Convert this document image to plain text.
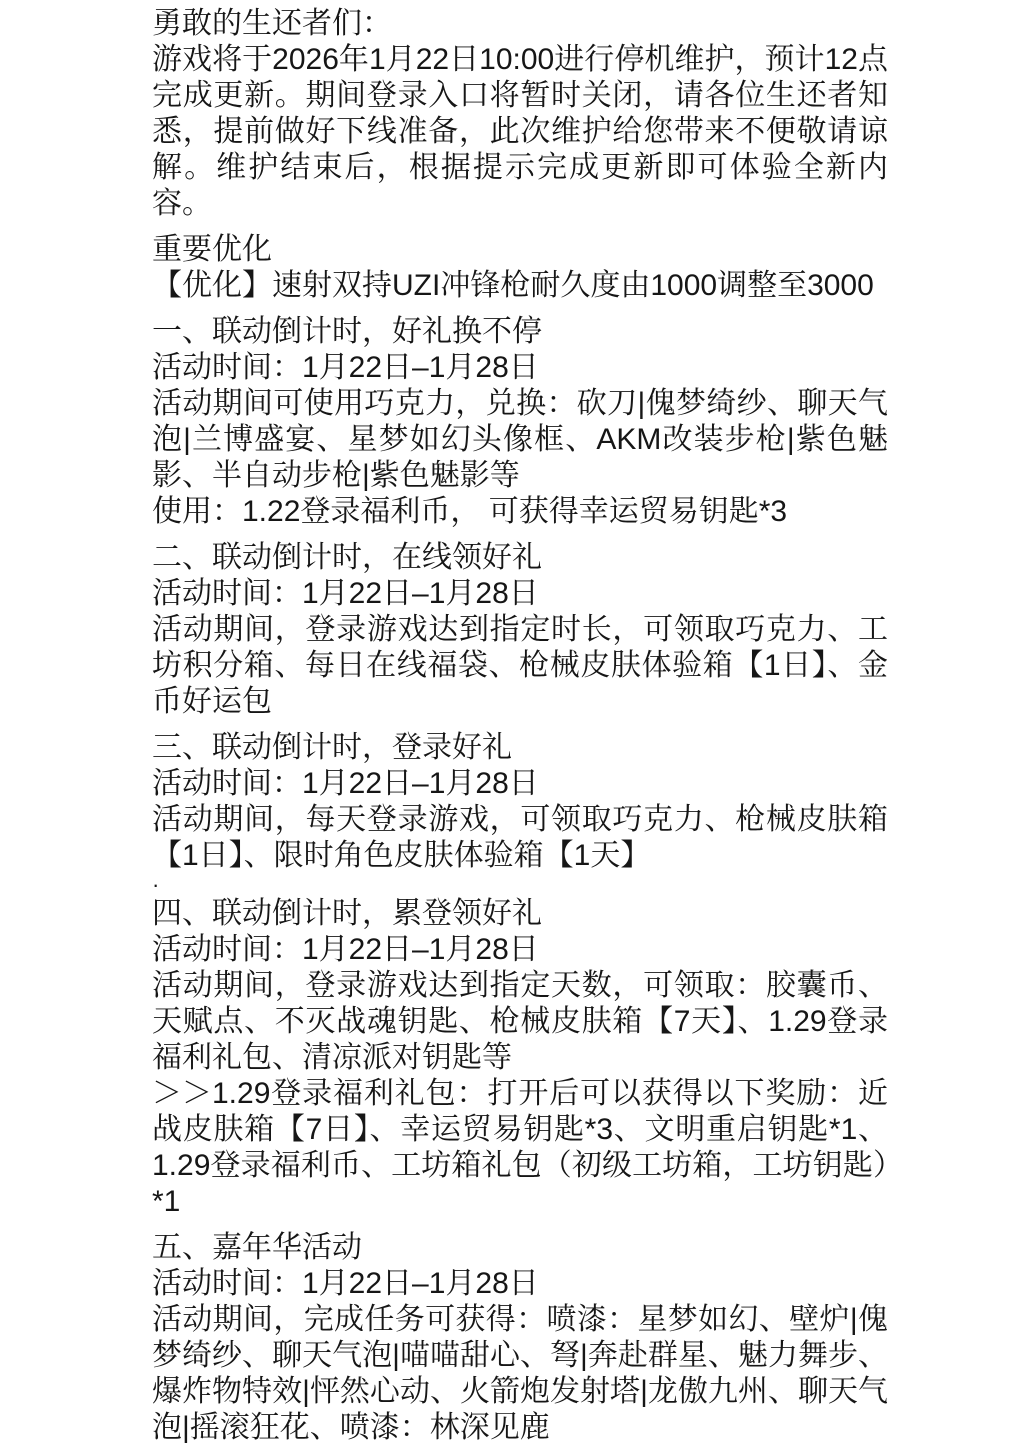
勇敢的生还者们：

游戏将于2026年1月22日10:00进行停机维护，预计12点完成更新。期间登录入口将暂时关闭，请各位生还者知悉，提前做好下线准备，此次维护给您带来不便敬请谅解。维护结束后，根据提示完成更新即可体验全新内容。

重要优化

【优化】速射双持UZI冲锋枪耐久度由1000调整至3000

一、联动倒计时，好礼换不停

活动时间：1月22日–1月28日

活动期间可使用巧克力，兑换：砍刀|傀梦绮纱、聊天气泡|兰博盛宴、星梦如幻头像框、AKM改装步枪|紫色魅影、半自动步枪|紫色魅影等

使用：1.22登录福利币， 可获得幸运贸易钥匙*3

二、联动倒计时，在线领好礼

活动时间：1月22日–1月28日

活动期间，登录游戏达到指定时长，可领取巧克力、工坊积分箱、每日在线福袋、枪械皮肤体验箱【1日】、金币好运包

三、联动倒计时，登录好礼

活动时间：1月22日–1月28日

活动期间，每天登录游戏，可领取巧克力、枪械皮肤箱【1日】、限时角色皮肤体验箱【1天】

·

四、联动倒计时，累登领好礼

活动时间：1月22日–1月28日

活动期间，登录游戏达到指定天数，可领取：胶囊币、天赋点、不灭战魂钥匙、枪械皮肤箱【7天】、1.29登录福利礼包、清凉派对钥匙等

＞＞1.29登录福利礼包：打开后可以获得以下奖励：近战皮肤箱【7日】、幸运贸易钥匙*3、文明重启钥匙*1、1.29登录福利币、工坊箱礼包（初级工坊箱，工坊钥匙）*1

五、嘉年华活动

活动时间：1月22日–1月28日

活动期间，完成任务可获得：喷漆：星梦如幻、壁炉|傀梦绮纱、聊天气泡|喵喵甜心、弩|奔赴群星、魅力舞步、爆炸物特效|怦然心动、火箭炮发射塔|龙傲九州、聊天气泡|摇滚狂花、喷漆：林深见鹿
